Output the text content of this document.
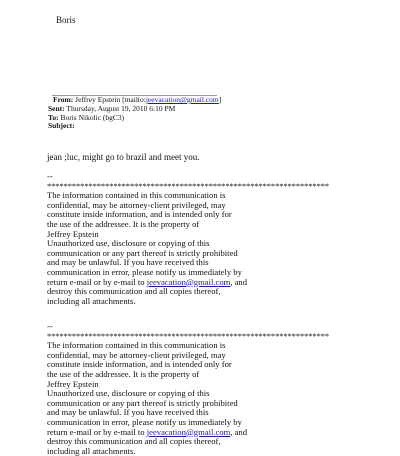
Boris
From: Jeffrey Epstein [mailto:jeevacation@gmail.com]
Sent: Thursday, August 19, 2010 6:10 PM
To: Boris Nikolic (bgC3)
Subject:
jean ;luc, might go to brazil and meet you.
--
********************************************************************
The information contained in this communication is
confidential, may be attorney-client privileged, may
constitute inside information, and is intended only for
the use of the addressee. It is the property of
Jeffrey Epstein
Unauthorized use, disclosure or copying of this
communication or any part thereof is strictly prohibited
and may be unlawful. If you have received this
communication in error, please notify us immediately by
return e-mail or by e-mail to jeevacation@gmail.com, and
destroy this communication and all copies thereof,
including all attachments.
--
********************************************************************
The information contained in this communication is
confidential, may be attorney-client privileged, may
constitute inside information, and is intended only for
the use of the addressee. It is the property of
Jeffrey Epstein
Unauthorized use, disclosure or copying of this
communication or any part thereof is strictly prohibited
and may be unlawful. If you have received this
communication in error, please notify us immediately by
return e-mail or by e-mail to jeevacation@gmail.com, and
destroy this communication and all copies thereof,
including all attachments.
